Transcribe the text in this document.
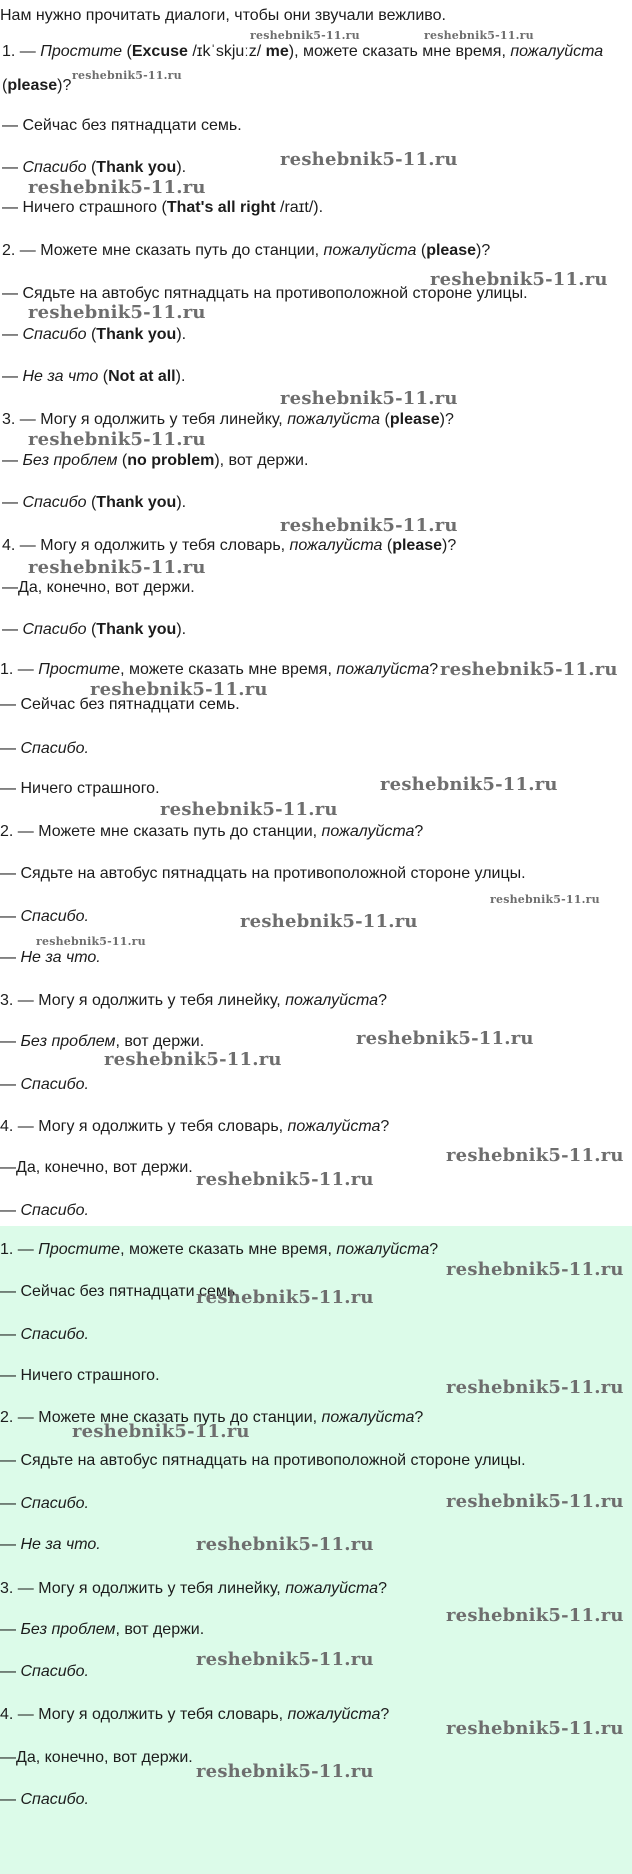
Нам нужно прочитать диалоги, чтобы они звучали вежливо.
1. — Простите (Excuse /ɪkˈskjuːz/ me), можете сказать мне время, пожалуйста
(please)?
— Сейчас без пятнадцати семь.
— Спасибо (Thank you).
— Ничего страшного (That's all right /raɪt/).
2. — Можете мне сказать путь до станции, пожалуйста (please)?
— Сядьте на автобус пятнадцать на противоположной стороне улицы.
— Спасибо (Thank you).
— Не за что (Not at all).
3. — Могу я одолжить у тебя линейку, пожалуйста (please)?
— Без проблем (no problem), вот держи.
— Спасибо (Thank you).
4. — Могу я одолжить у тебя словарь, пожалуйста (please)?
—Да, конечно, вот держи.
— Спасибо (Thank you).
1. — Простите, можете сказать мне время, пожалуйста?
— Сейчас без пятнадцати семь.
— Спасибо.
— Ничего страшного.
2. — Можете мне сказать путь до станции, пожалуйста?
— Сядьте на автобус пятнадцать на противоположной стороне улицы.
— Спасибо.
— Не за что.
3. — Могу я одолжить у тебя линейку, пожалуйста?
— Без проблем, вот держи.
— Спасибо.
4. — Могу я одолжить у тебя словарь, пожалуйста?
—Да, конечно, вот держи.
— Спасибо.
1. — Простите, можете сказать мне время, пожалуйста?
— Сейчас без пятнадцати семь.
— Спасибо.
— Ничего страшного.
2. — Можете мне сказать путь до станции, пожалуйста?
— Сядьте на автобус пятнадцать на противоположной стороне улицы.
— Спасибо.
— Не за что.
3. — Могу я одолжить у тебя линейку, пожалуйста?
— Без проблем, вот держи.
— Спасибо.
4. — Могу я одолжить у тебя словарь, пожалуйста?
—Да, конечно, вот держи.
— Спасибо.
reshebnik5-11.ru	reshebnik5-11.ru
reshebnik5-11.ru
reshebnik5-11.ru
reshebnik5-11.ru
reshebnik5-11.ru
reshebnik5-11.ru
reshebnik5-11.ru
reshebnik5-11.ru
reshebnik5-11.ru
reshebnik5-11.ru
reshebnik5-11.ru
reshebnik5-11.ru
reshebnik5-11.ru
reshebnik5-11.ru
reshebnik5-11.ru
reshebnik5-11.ru
reshebnik5-11.ru
reshebnik5-11.ru
reshebnik5-11.ru
reshebnik5-11.ru
reshebnik5-11.ru
reshebnik5-11.ru
reshebnik5-11.ru
reshebnik5-11.ru
reshebnik5-11.ru
reshebnik5-11.ru
reshebnik5-11.ru
reshebnik5-11.ru
reshebnik5-11.ru
reshebnik5-11.ru
reshebnik5-11.ru
